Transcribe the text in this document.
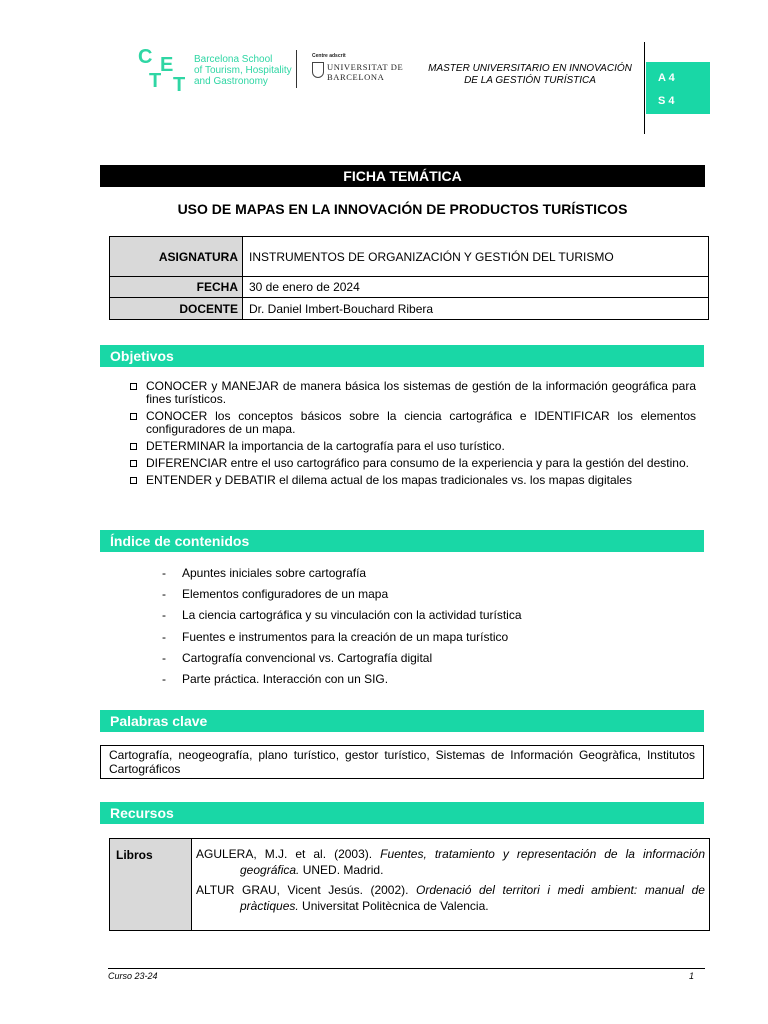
C E
T T
Barcelona School
of Tourism, Hospitality
and Gastronomy
Centre adscrit
UNIVERSITAT DE
BARCELONA
MASTER UNIVERSITARIO EN INNOVACIÓN
DE LA GESTIÓN TURÍSTICA	A 4
S 4
FICHA TEMÁTICA
USO DE MAPAS EN LA INNOVACIÓN DE PRODUCTOS TURÍSTICOS
ASIGNATURA	INSTRUMENTOS DE ORGANIZACIÓN Y GESTIÓN DEL TURISMO
FECHA	30 de enero de 2024
DOCENTE	Dr. Daniel Imbert-Bouchard Ribera
Objetivos
CONOCER y MANEJAR de manera básica los sistemas de gestión de la información geográfica para fines turísticos.
CONOCER los conceptos básicos sobre la ciencia cartográfica e IDENTIFICAR los elementos configuradores de un mapa.
DETERMINAR la importancia de la cartografía para el uso turístico.
DIFERENCIAR entre el uso cartográfico para consumo de la experiencia y para la gestión del destino.
ENTENDER y DEBATIR el dilema actual de los mapas tradicionales vs. los mapas digitales
Índice de contenidos
- Apuntes iniciales sobre cartografía
- Elementos configuradores de un mapa
- La ciencia cartográfica y su vinculación con la actividad turística
- Fuentes e instrumentos para la creación de un mapa turístico
- Cartografía convencional vs. Cartografía digital
- Parte práctica. Interacción con un SIG.
Palabras clave
Cartografía, neogeografía, plano turístico, gestor turístico, Sistemas de Información Geogràfica, Institutos Cartográficos
Recursos
Libros	AGULERA, M.J. et al. (2003). Fuentes, tratamiento y representación de la información geográfica. UNED. Madrid.
ALTUR GRAU, Vicent Jesús. (2002). Ordenació del territori i medi ambient: manual de pràctiques. Universitat Politècnica de Valencia.
Curso 23-24	1
